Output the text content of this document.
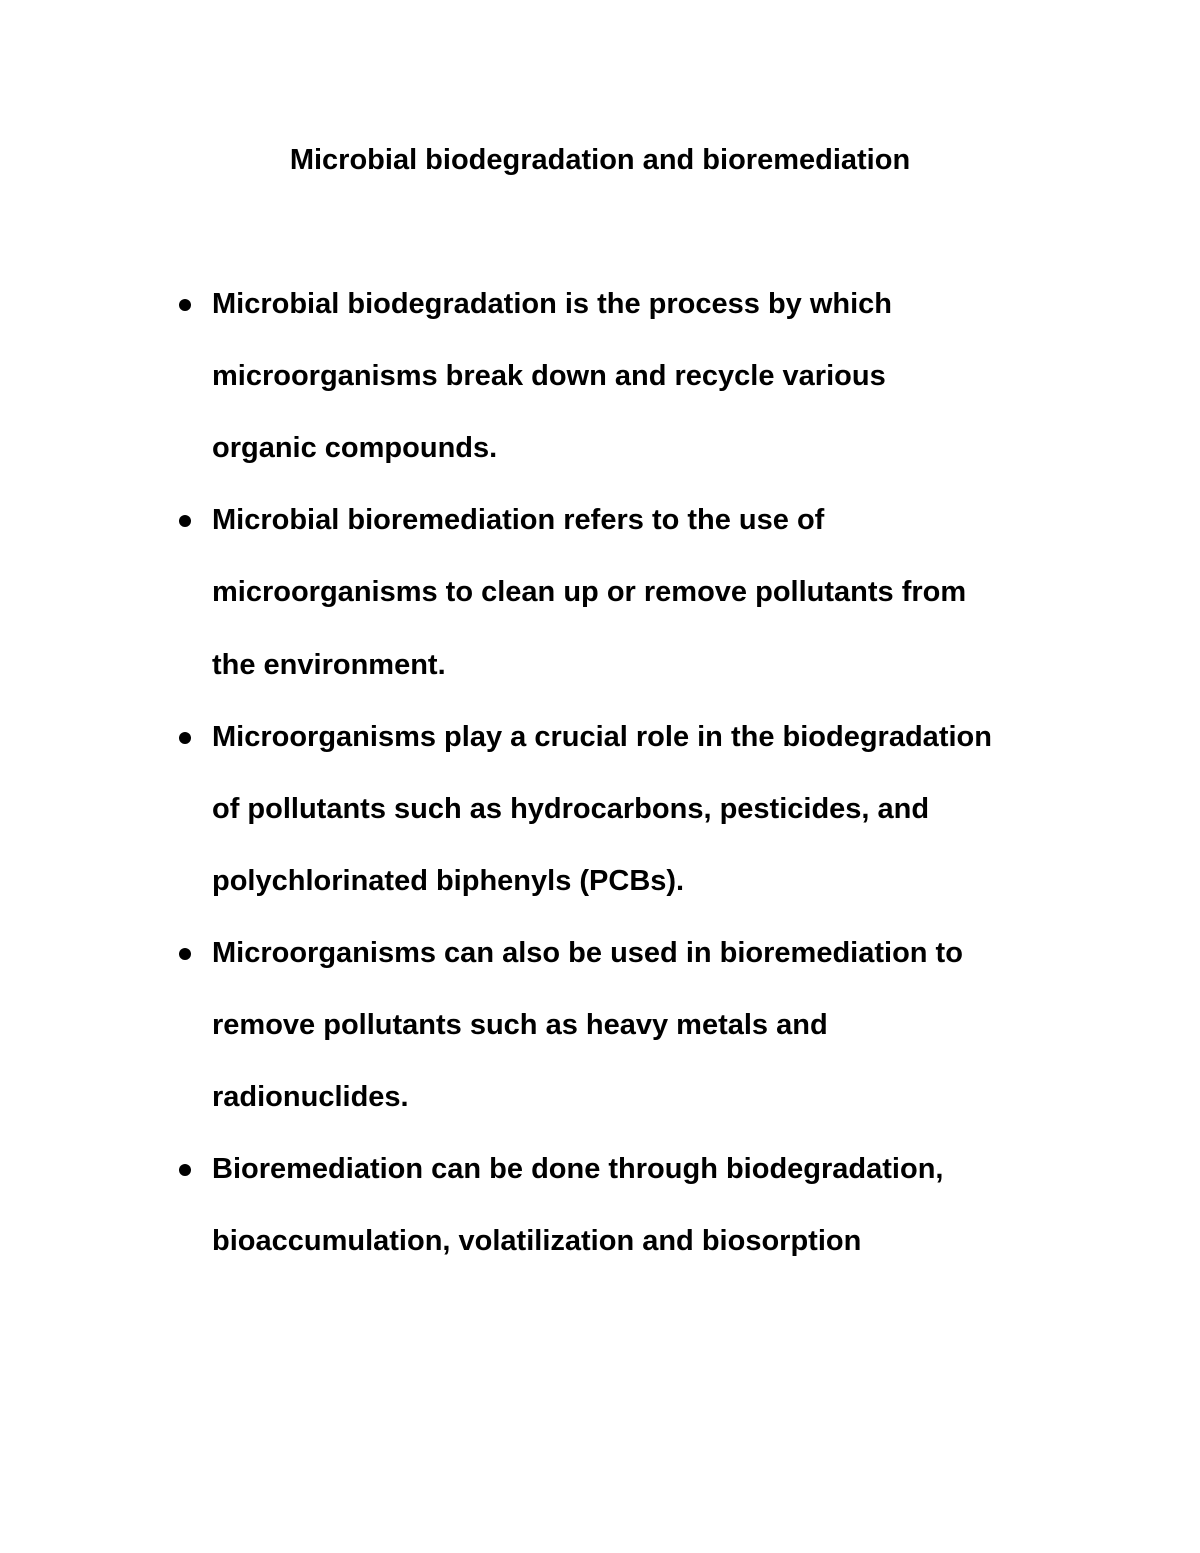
Microbial biodegradation and bioremediation

Microbial biodegradation is the process by which

microorganisms break down and recycle various

organic compounds.

Microbial bioremediation refers to the use of

microorganisms to clean up or remove pollutants from

the environment.

Microorganisms play a crucial role in the biodegradation

of pollutants such as hydrocarbons, pesticides, and

polychlorinated biphenyls (PCBs).

Microorganisms can also be used in bioremediation to

remove pollutants such as heavy metals and

radionuclides.

Bioremediation can be done through biodegradation,

bioaccumulation, volatilization and biosorption
